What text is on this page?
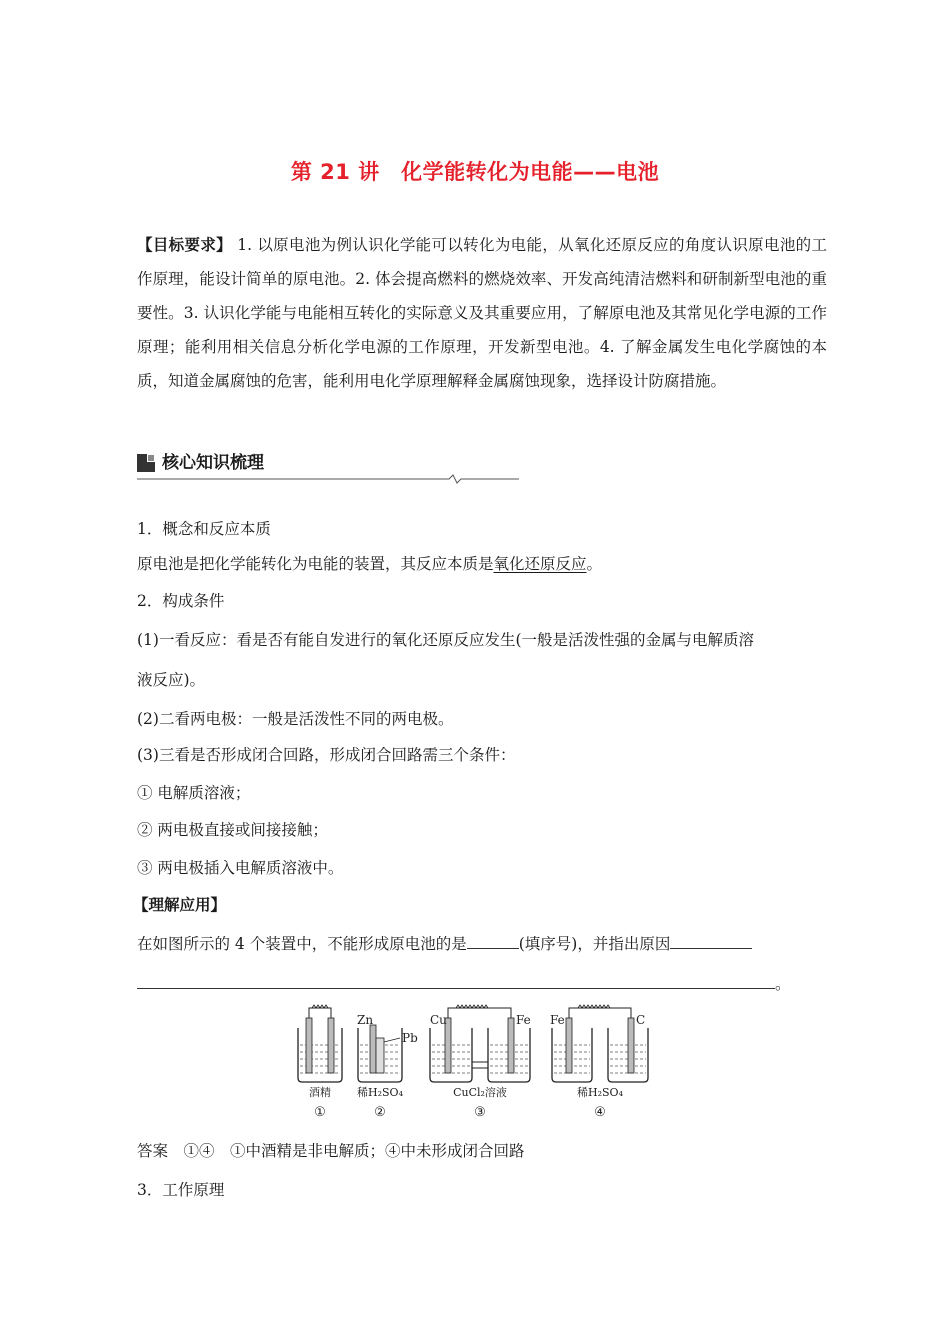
第 21 讲　化学能转化为电能——电池
【目标要求】 1. 以原电池为例认识化学能可以转化为电能，从氧化还原反应的角度认识原电池的工作原理，能设计简单的原电池。2. 体会提高燃料的燃烧效率、开发高纯清洁燃料和研制新型电池的重要性。3. 认识化学能与电能相互转化的实际意义及其重要应用，了解原电池及其常见化学电源的工作原理；能利用相关信息分析化学电源的工作原理，开发新型电池。4. 了解金属发生电化学腐蚀的本质，知道金属腐蚀的危害，能利用电化学原理解释金属腐蚀现象，选择设计防腐措施。
核心知识梳理
1．概念和反应本质
原电池是把化学能转化为电能的装置，其反应本质是氧化还原反应。
2．构成条件
(1)一看反应：看是否有能自发进行的氧化还原反应发生(一般是活泼性强的金属与电解质溶
液反应)。
(2)二看两电极：一般是活泼性不同的两电极。
(3)三看是否形成闭合回路，形成闭合回路需三个条件：
① 电解质溶液；
② 两电极直接或间接接触；
③ 两电极插入电解质溶液中。
【理解应用】
在如图所示的 4 个装置中，不能形成原电池的是	(填序号)，并指出原因
。
Zn
Pb
Cu	Fe Fe	C
酒精 稀H₂SO₄	CuCl₂溶液	稀H₂SO₄
①	②	③	④
答案　①④　①中酒精是非电解质；④中未形成闭合回路
3．工作原理
